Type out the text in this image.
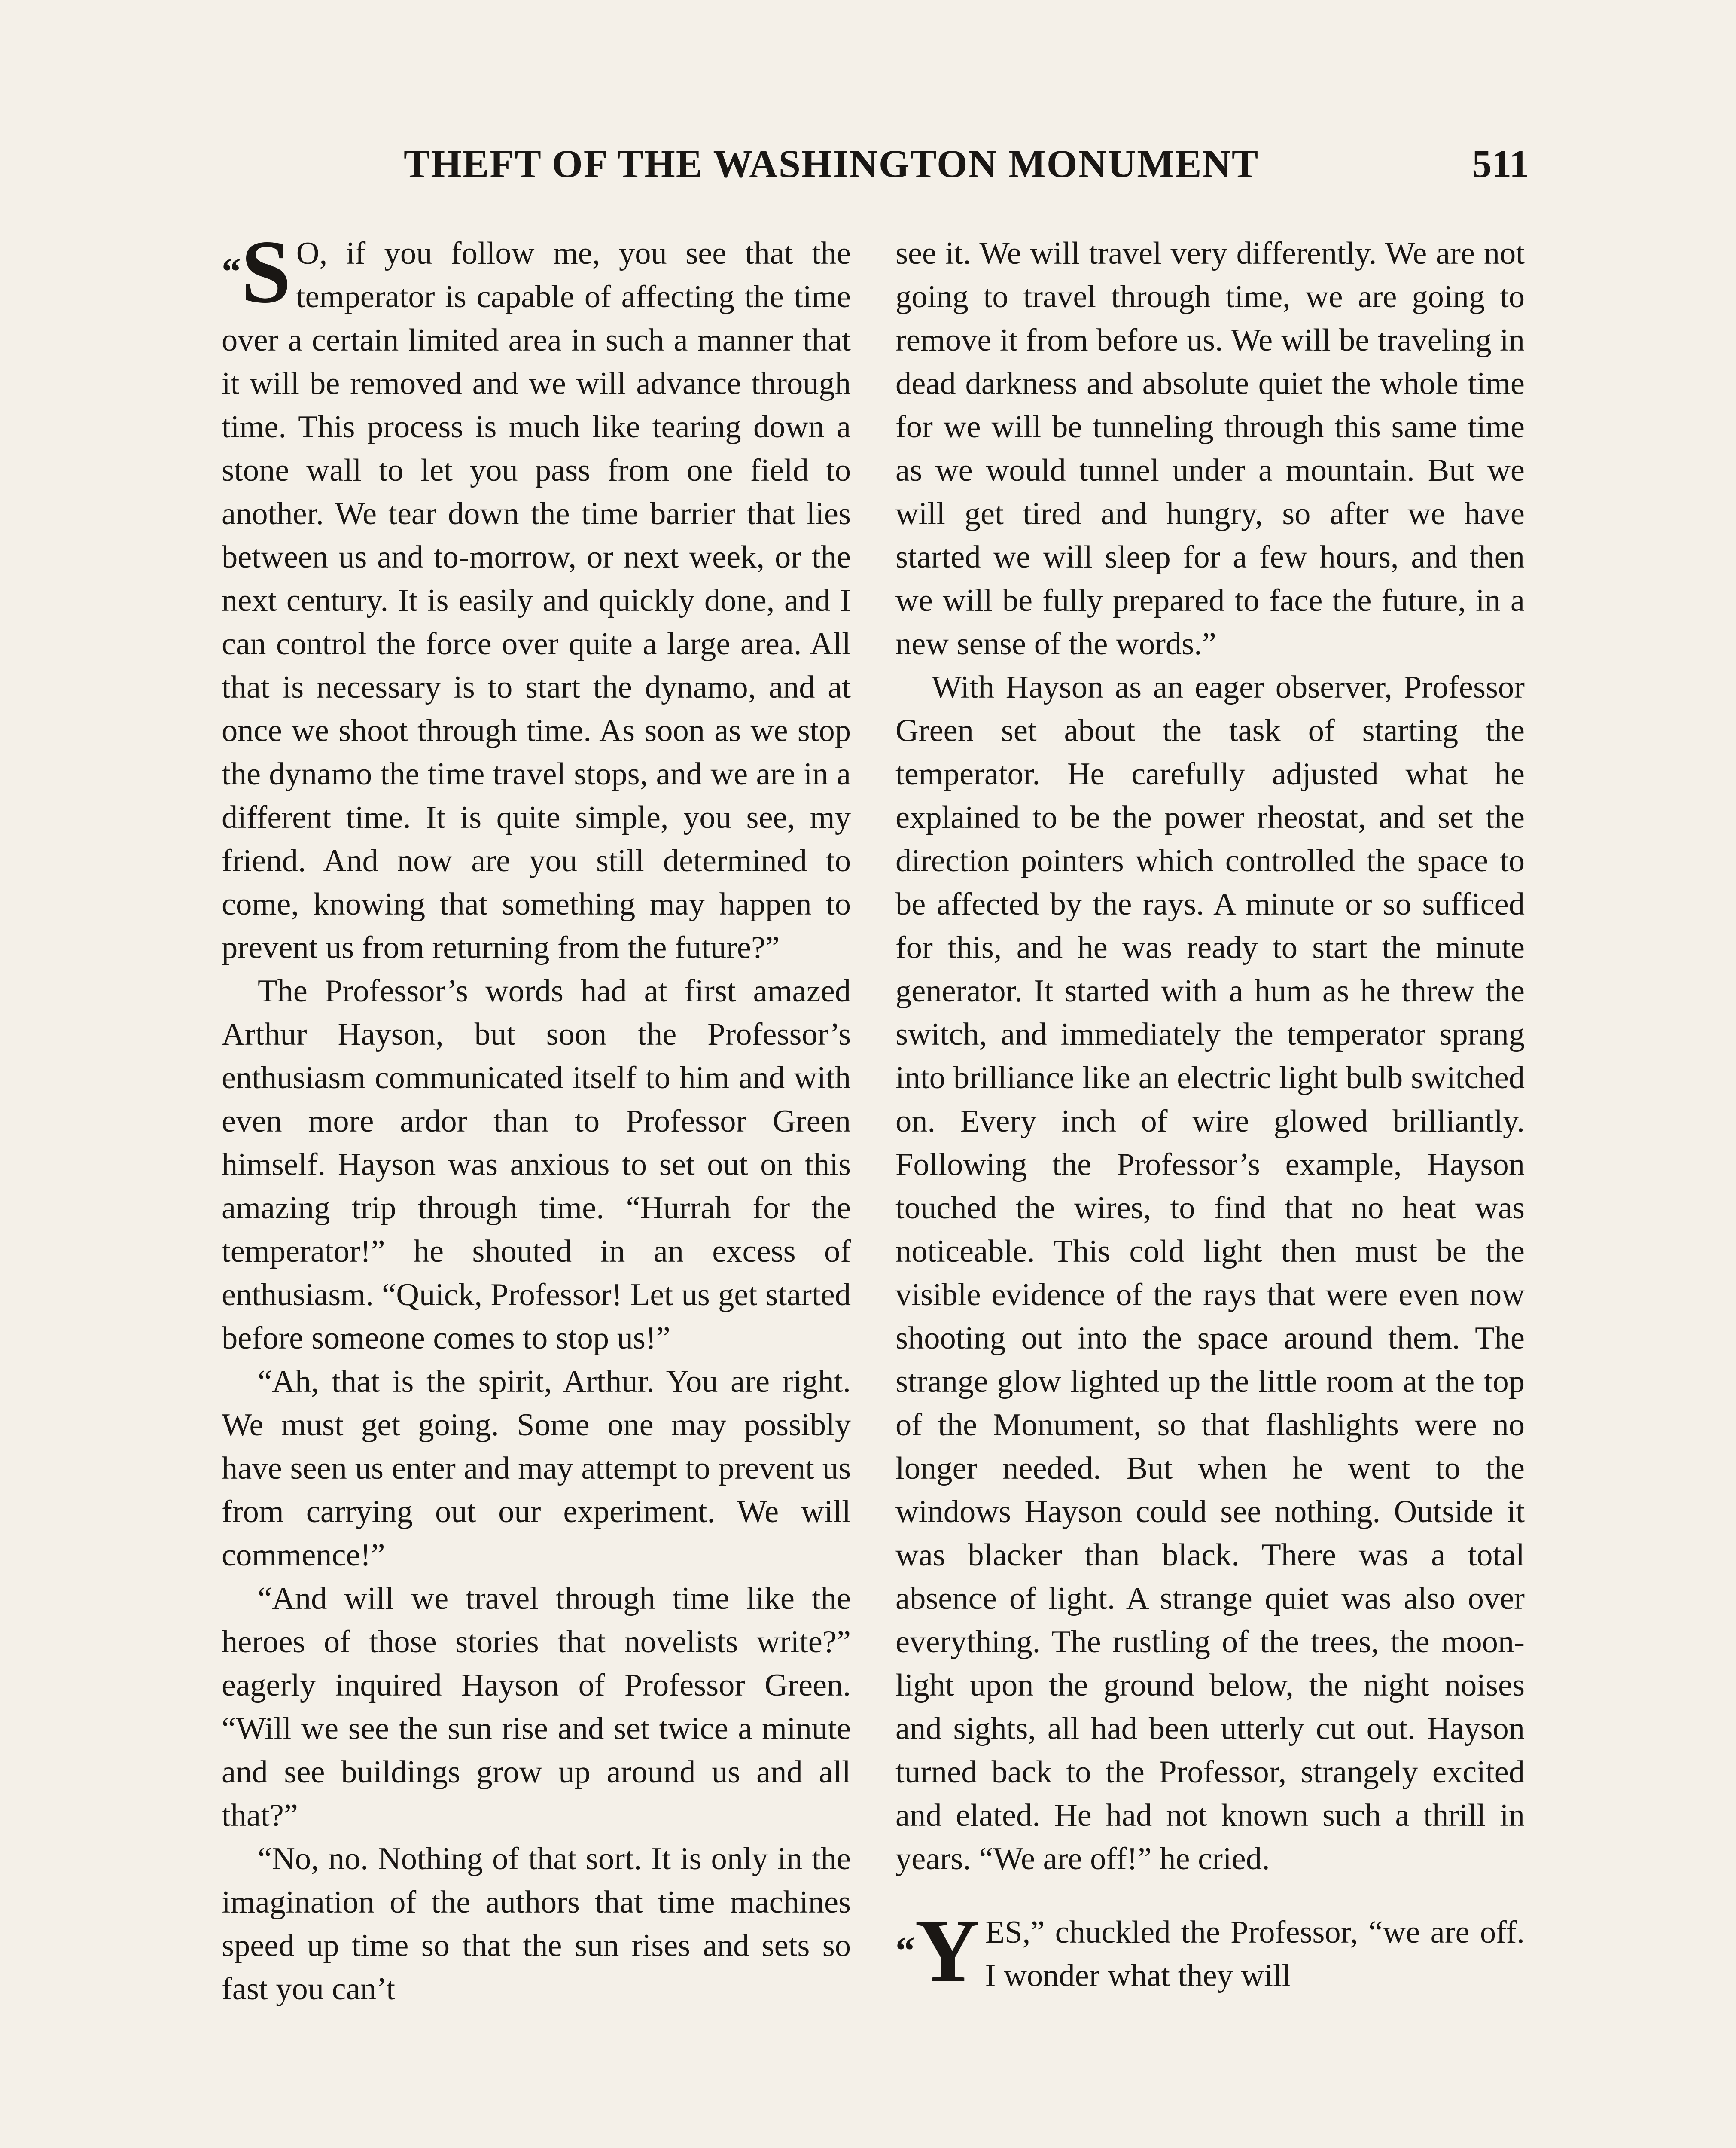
THEFT OF THE WASHINGTON MONUMENT	511

“S O, if you follow me, you see that the temperator is capable of affecting the time over a certain limited area in such a manner that it will be removed and we will advance through time. This process is much like tearing down a stone wall to let you pass from one field to another. We tear down the time barrier that lies between us and to-morrow, or next week, or the next century. It is easily and quickly done, and I can control the force over quite a large area. All that is necessary is to start the dynamo, and at once we shoot through time. As soon as we stop the dynamo the time travel stops, and we are in a different time. It is quite simple, you see, my friend. And now are you still determined to come, knowing that something may happen to prevent us from returning from the future?”

The Professor’s words had at first amazed Arthur Hayson, but soon the Professor’s enthusiasm communicated itself to him and with even more ardor than to Professor Green himself. Hayson was anxious to set out on this amazing trip through time. “Hurrah for the temperator!” he shouted in an excess of enthusiasm. “Quick, Professor! Let us get started before someone comes to stop us!”

“Ah, that is the spirit, Arthur. You are right. We must get going. Some one may possibly have seen us enter and may attempt to prevent us from carrying out our experiment. We will commence!”

“And will we travel through time like the heroes of those stories that novelists write?” eagerly inquired Hayson of Professor Green. “Will we see the sun rise and set twice a minute and see buildings grow up around us and all that?”

“No, no. Nothing of that sort. It is only in the imagination of the authors that time machines speed up time so that the sun rises and sets so fast you can’t

see it. We will travel very differently. We are not going to travel through time, we are going to remove it from before us. We will be traveling in dead darkness and absolute quiet the whole time for we will be tunneling through this same time as we would tunnel under a mountain. But we will get tired and hungry, so after we have started we will sleep for a few hours, and then we will be fully prepared to face the future, in a new sense of the words.”

With Hayson as an eager observer, Professor Green set about the task of starting the temperator. He carefully adjusted what he explained to be the power rheostat, and set the direction pointers which controlled the space to be affected by the rays. A minute or so sufficed for this, and he was ready to start the minute generator. It started with a hum as he threw the switch, and immediately the temperator sprang into brilliance like an electric light bulb switched on. Every inch of wire glowed brilliantly. Following the Professor’s example, Hayson touched the wires, to find that no heat was noticeable. This cold light then must be the visible evidence of the rays that were even now shooting out into the space around them. The strange glow lighted up the little room at the top of the Monument, so that flashlights were no longer needed. But when he went to the windows Hayson could see nothing. Outside it was blacker than black. There was a total absence of light. A strange quiet was also over everything. The rustling of the trees, the moon-light upon the ground below, the night noises and sights, all had been utterly cut out. Hayson turned back to the Professor, strangely excited and elated. He had not known such a thrill in years. “We are off!” he cried.

“Y ES,” chuckled the Professor, “we are off. I wonder what they will
